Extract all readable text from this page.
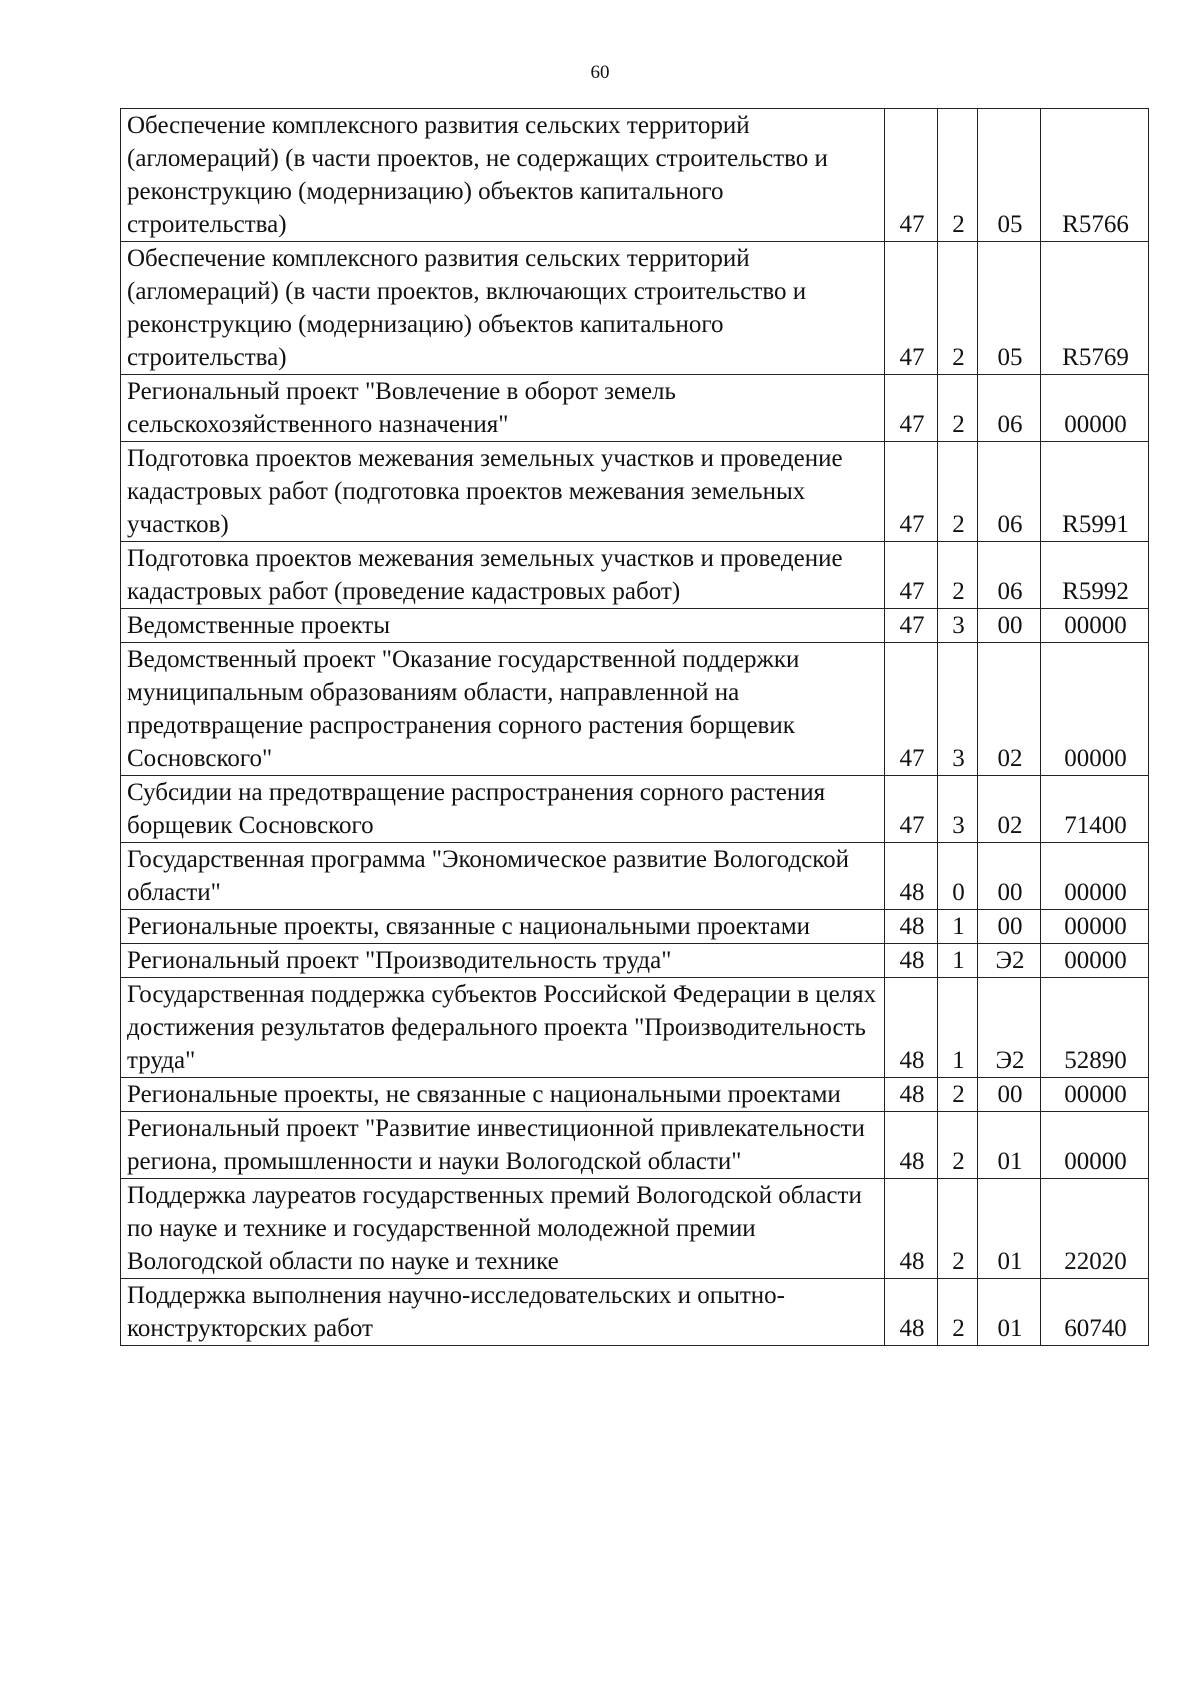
60
Обеспечение комплексного развития сельских территорий (агломераций) (в части проектов, не содержащих строительство и реконструкцию (модернизацию) объектов капитального строительства)	47	2	05	R5766
Обеспечение комплексного развития сельских территорий (агломераций) (в части проектов, включающих строительство и реконструкцию (модернизацию) объектов капитального строительства)	47	2	05	R5769
Региональный проект "Вовлечение в оборот земель сельскохозяйственного назначения"	47	2	06	00000
Подготовка проектов межевания земельных участков и проведение кадастровых работ (подготовка проектов межевания земельных участков)	47	2	06	R5991
Подготовка проектов межевания земельных участков и проведение кадастровых работ (проведение кадастровых работ)	47	2	06	R5992
Ведомственные проекты	47	3	00	00000
Ведомственный проект "Оказание государственной поддержки муниципальным образованиям области, направленной на предотвращение распространения сорного растения борщевик Сосновского"	47	3	02	00000
Субсидии на предотвращение распространения сорного растения борщевик Сосновского	47	3	02	71400
Государственная программа "Экономическое развитие Вологодской области"	48	0	00	00000
Региональные проекты, связанные с национальными проектами	48	1	00	00000
Региональный проект "Производительность труда"	48	1	Э2	00000
Государственная поддержка субъектов Российской Федерации в целях достижения результатов федерального проекта "Производительность труда"	48	1	Э2	52890
Региональные проекты, не связанные с национальными проектами	48	2	00	00000
Региональный проект "Развитие инвестиционной привлекательности региона, промышленности и науки Вологодской области"	48	2	01	00000
Поддержка лауреатов государственных премий Вологодской области по науке и технике и государственной молодежной премии Вологодской области по науке и технике	48	2	01	22020
Поддержка выполнения научно-исследовательских и опытно-конструкторских работ	48	2	01	60740
